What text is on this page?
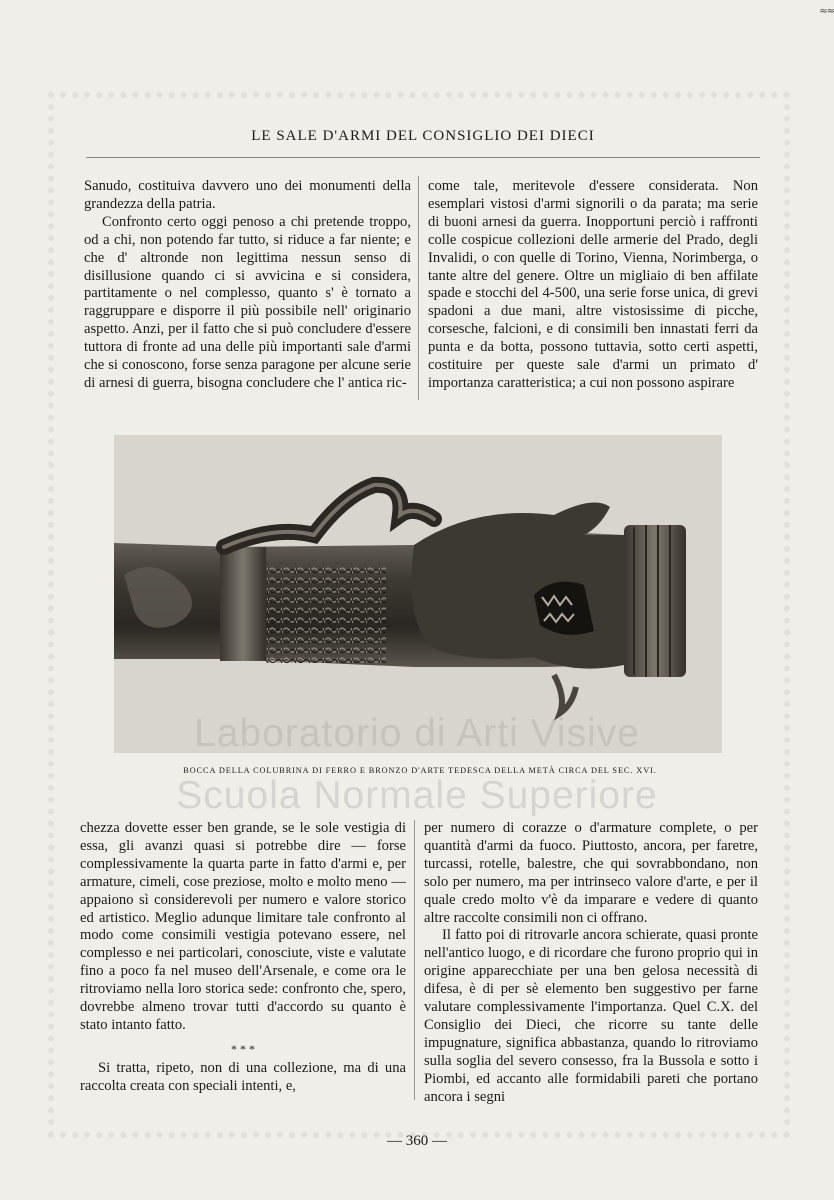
≈≈
LE SALE D'ARMI DEL CONSIGLIO DEI DIECI

Sanudo, costituiva davvero uno dei monumenti della grandezza della patria.

Confronto certo oggi penoso a chi pretende troppo, od a chi, non potendo far tutto, si riduce a far niente; e che d' altronde non legittima nessun senso di disillusione quando ci si avvicina e si considera, partitamente o nel complesso, quanto s' è tornato a raggruppare e disporre il più possibile nell' originario aspetto. Anzi, per il fatto che si può concludere d'essere tuttora di fronte ad una delle più importanti sale d'armi che si conoscono, forse senza paragone per alcune serie di arnesi di guerra, bisogna concludere che l' antica ric-

come tale, meritevole d'essere considerata. Non esemplari vistosi d'armi signorili o da parata; ma serie di buoni arnesi da guerra. Inopportuni perciò i raffronti colle cospicue collezioni delle armerie del Prado, degli Invalidi, o con quelle di Torino, Vienna, Norimberga, o tante altre del genere. Oltre un migliaio di ben affilate spade e stocchi del 4-500, una serie forse unica, di grevi spadoni a due mani, altre vistosissime di picche, corsesche, falcioni, e di consimili ben innastati ferri da punta e da botta, possono tuttavia, sotto certi aspetti, costituire per queste sale d'armi un primato d' importanza caratteristica; a cui non possono aspirare

BOCCA DELLA COLUBRINA DI FERRO E BRONZO D'ARTE TEDESCA DELLA METÀ CIRCA DEL SEC. XVI.
Laboratorio di Arti Visive
Scuola Normale Superiore

chezza dovette esser ben grande, se le sole vestigia di essa, gli avanzi quasi si potrebbe dire — forse complessivamente la quarta parte in fatto d'armi e, per armature, cimeli, cose preziose, molto e molto meno — appaiono sì considerevoli per numero e valore storico ed artistico. Meglio adunque limitare tale confronto al modo come consimili vestigia potevano essere, nel complesso e nei particolari, conosciute, viste e valutate fino a poco fa nel museo dell'Arsenale, e come ora le ritroviamo nella loro storica sede: confronto che, spero, dovrebbe almeno trovar tutti d'accordo su quanto è stato intanto fatto.

* * *

Si tratta, ripeto, non di una collezione, ma di una raccolta creata con speciali intenti, e,

per numero di corazze o d'armature complete, o per quantità d'armi da fuoco. Piuttosto, ancora, per faretre, turcassi, rotelle, balestre, che qui sovrabbondano, non solo per numero, ma per intrinseco valore d'arte, e per il quale credo molto v'è da imparare e vedere di quanto altre raccolte consimili non ci offrano.

Il fatto poi di ritrovarle ancora schierate, quasi pronte nell'antico luogo, e di ricordare che furono proprio qui in origine apparecchiate per una ben gelosa necessità di difesa, è di per sè elemento ben suggestivo per farne valutare complessivamente l'importanza. Quel C.X. del Consiglio dei Dieci, che ricorre su tante delle impugnature, significa abbastanza, quando lo ritroviamo sulla soglia del severo consesso, fra la Bussola e sotto i Piombi, ed accanto alle formidabili pareti che portano ancora i segni

— 360 —
